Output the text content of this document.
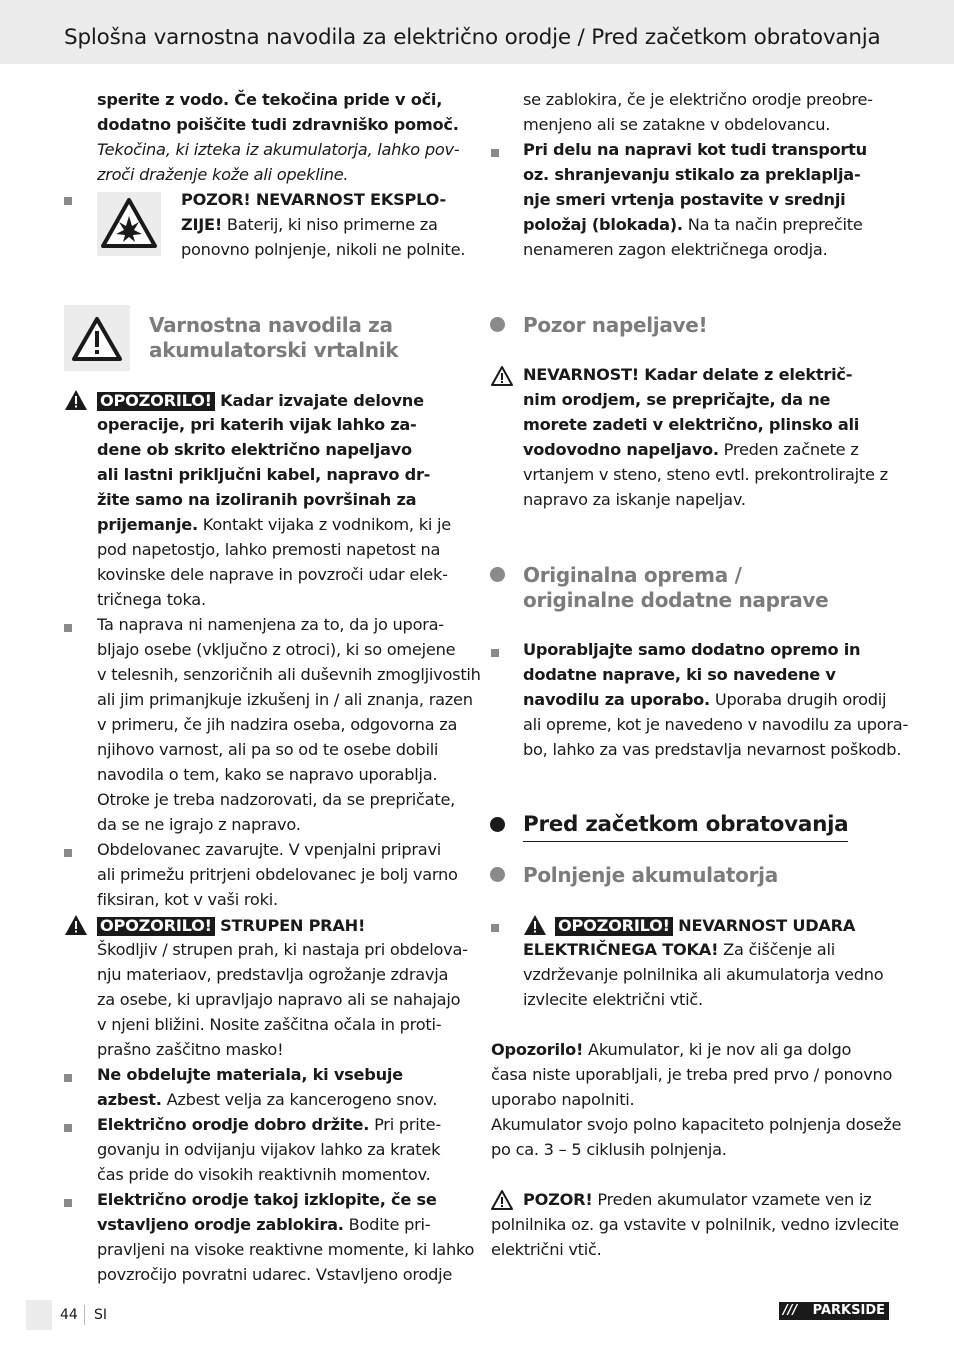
Splošna varnostna navodila za električno orodje / Pred začetkom obratovanja
sperite z vodo. Če tekočina pride v oči,
dodatno poiščite tudi zdravniško pomoč.
Tekočina, ki izteka iz akumulatorja, lahko pov-
zroči draženje kože ali opekline.
POZOR! NEVARNOST EKSPLO-
ZIJE! Baterij, ki niso primerne za
ponovno polnjenje, nikoli ne polnite.
Varnostna navodila za
akumulatorski vrtalnik
OPOZORILO! Kadar izvajate delovne
operacije, pri katerih vijak lahko za-
dene ob skrito električno napeljavo
ali lastni priključni kabel, napravo dr-
žite samo na izoliranih površinah za
prijemanje. Kontakt vijaka z vodnikom, ki je
pod napetostjo, lahko premosti napetost na
kovinske dele naprave in povzroči udar elek-
tričnega toka.
Ta naprava ni namenjena za to, da jo upora-
bljajo osebe (vključno z otroci), ki so omejene
v telesnih, senzoričnih ali duševnih zmogljivostih
ali jim primanjkuje izkušenj in / ali znanja, razen
v primeru, če jih nadzira oseba, odgovorna za
njihovo varnost, ali pa so od te osebe dobili
navodila o tem, kako se napravo uporablja.
Otroke je treba nadzorovati, da se prepričate,
da se ne igrajo z napravo.
Obdelovanec zavarujte. V vpenjalni pripravi
ali primežu pritrjeni obdelovanec je bolj varno
fiksiran, kot v vaši roki.
OPOZORILO! STRUPEN PRAH!
Škodljiv / strupen prah, ki nastaja pri obdelova-
nju materiaov, predstavlja ogrožanje zdravja
za osebe, ki upravljajo napravo ali se nahajajo
v njeni bližini. Nosite zaščitna očala in proti-
prašno zaščitno masko!
Ne obdelujte materiala, ki vsebuje
azbest. Azbest velja za kancerogeno snov.
Električno orodje dobro držite. Pri prite-
govanju in odvijanju vijakov lahko za kratek
čas pride do visokih reaktivnih momentov.
Električno orodje takoj izklopite, če se
vstavljeno orodje zablokira. Bodite pri-
pravljeni na visoke reaktivne momente, ki lahko
povzročijo povratni udarec. Vstavljeno orodje
se zablokira, če je električno orodje preobre-
menjeno ali se zatakne v obdelovancu.
Pri delu na napravi kot tudi transportu
oz. shranjevanju stikalo za preklaplja-
nje smeri vrtenja postavite v srednji
položaj (blokada). Na ta način preprečite
nenameren zagon električnega orodja.
Pozor napeljave!
NEVARNOST! Kadar delate z električ-
nim orodjem, se prepričajte, da ne
morete zadeti v električno, plinsko ali
vodovodno napeljavo. Preden začnete z
vrtanjem v steno, steno evtl. prekontrolirajte z
napravo za iskanje napeljav.
Originalna oprema /
originalne dodatne naprave
Uporabljajte samo dodatno opremo in
dodatne naprave, ki so navedene v
navodilu za uporabo. Uporaba drugih orodij
ali opreme, kot je navedeno v navodilu za upora-
bo, lahko za vas predstavlja nevarnost poškodb.
Pred začetkom obratovanja
Polnjenje akumulatorja
OPOZORILO! NEVARNOST UDARA
ELEKTRIČNEGA TOKA! Za čiščenje ali
vzdrževanje polnilnika ali akumulatorja vedno
izvlecite električni vtič.
Opozorilo! Akumulator, ki je nov ali ga dolgo
časa niste uporabljali, je treba pred prvo / ponovno
uporabo napolniti.
Akumulator svojo polno kapaciteto polnjenja doseže
po ca. 3 – 5 ciklusih polnjenja.
POZOR! Preden akumulator vzamete ven iz
polnilnika oz. ga vstavite v polnilnik, vedno izvlecite
električni vtič.
44 SI	/// PARKSIDE
